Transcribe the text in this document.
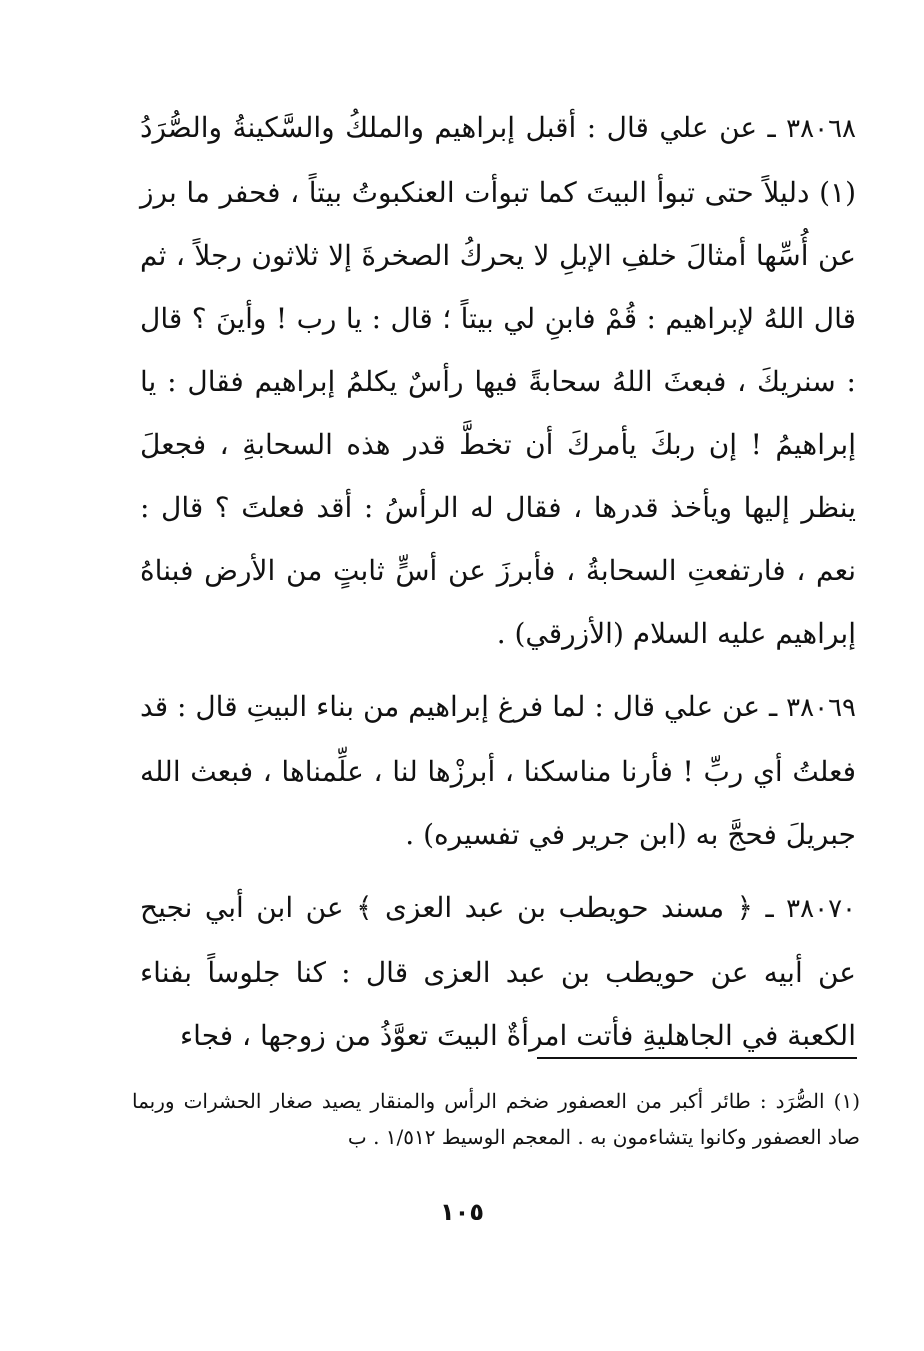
٣٨٠٦٨ ـ عن علي قال : أقبل إبراهيم والملكُ والسَّكينةُ والصُّرَدُ (١) دليلاً حتى تبوأ البيتَ كما تبوأت العنكبوتُ بيتاً ، فحفر ما برز عن أُسِّها أمثالَ خلفِ الإبلِ لا يحركُ الصخرةَ إلا ثلاثون رجلاً ، ثم قال اللهُ لإبراهيم : قُمْ فابنِ لي بيتاً ؛ قال : يا رب ! وأينَ ؟ قال : سنريكَ ، فبعثَ اللهُ سحابةً فيها رأسٌ يكلمُ إبراهيم فقال : يا إبراهيمُ ! إن ربكَ يأمركَ أن تخطَّ قدر هذه السحابةِ ، فجعلَ ينظر إليها ويأخذ قدرها ، فقال له الرأسُ : أقد فعلتَ ؟ قال : نعم ، فارتفعتِ السحابةُ ، فأبرزَ عن أسٍّ ثابتٍ من الأرض فبناهُ إبراهيم عليه السلام (الأزرقي) .

٣٨٠٦٩ ـ عن علي قال : لما فرغ إبراهيم من بناء البيتِ قال : قد فعلتُ أي ربِّ ! فأرنا مناسكنا ، أبرزْها لنا ، علِّمناها ، فبعث الله جبريلَ فحجَّ به (ابن جرير في تفسيره) .

٣٨٠٧٠ ـ ﴿ مسند حويطب بن عبد العزى ﴾ عن ابن أبي نجيح عن أبيه عن حويطب بن عبد العزى قال : كنا جلوساً بفناء الكعبة في الجاهليةِ فأتت امرأةٌ البيتَ تعوَّذُ من زوجها ، فجاء

(١) الصُّرَد : طائر أكبر من العصفور ضخم الرأس والمنقار يصيد صغار الحشرات وربما صاد العصفور وكانوا يتشاءمون به . المعجم الوسيط ١/٥١٢ . ب
١٠٥
